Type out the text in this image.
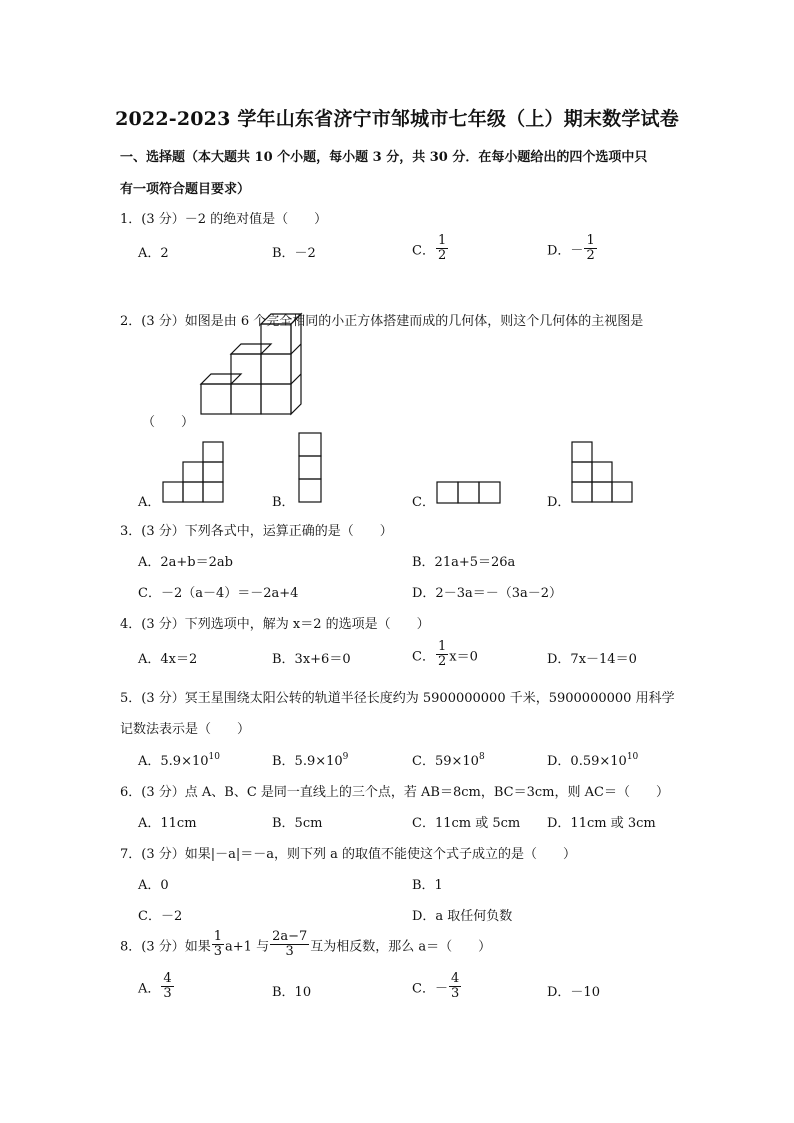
2022-2023 学年山东省济宁市邹城市七年级（上）期末数学试卷
一、选择题（本大题共 10 个小题，每小题 3 分，共 30 分．在每小题给出的四个选项中只
有一项符合题目要求）
1．(3 分）－2 的绝对值是（　　）
A．2	B．－2	C． $\frac{1}{2}$	D．－ $\frac{1}{2}$
2．(3 分）如图是由 6 个完全相同的小正方体搭建而成的几何体，则这个几何体的主视图是
（　　）
A．	B．	C．	D．
3．(3 分）下列各式中，运算正确的是（　　）
A．2a+b＝2ab	B．21a+5＝26a
C．－2（a－4）＝－2a+4	D．2－3a＝－（3a－2）
4．(3 分）下列选项中，解为 x＝2 的选项是（　　）
A．4x＝2	B．3x+6＝0	C． $\frac{1}{2} x=0$	D．7x－14＝0
5．(3 分）冥王星围绕太阳公转的轨道半径长度约为 5900000000 千米，5900000000 用科学
记数法表示是（　　）
A．$5.9\times 10^{10}$	B．$5.9\times 10^9$	C．$59\times 10^8$	D．$0.59\times 10^{10}$
6．(3 分）点 A、B、C 是同一直线上的三个点，若 AB＝8cm，BC＝3cm，则 AC＝（　　）
A．11cm	B．5cm	C．11cm 或 5cm D．11cm 或 3cm
7．(3 分）如果|－a|＝－a，则下列 a 的取值不能使这个式子成立的是（　　）
A．0	B．1
C．－2	D．a 取任何负数
8．(3 分）如果 $\frac{1}{3} a+1$ 与 $\frac{2a-7}{3}$ 互为相反数，那么 a＝（　　）
A． $\frac{4}{3}$	B．10	C．－ $\frac{4}{3}$	D．－10
